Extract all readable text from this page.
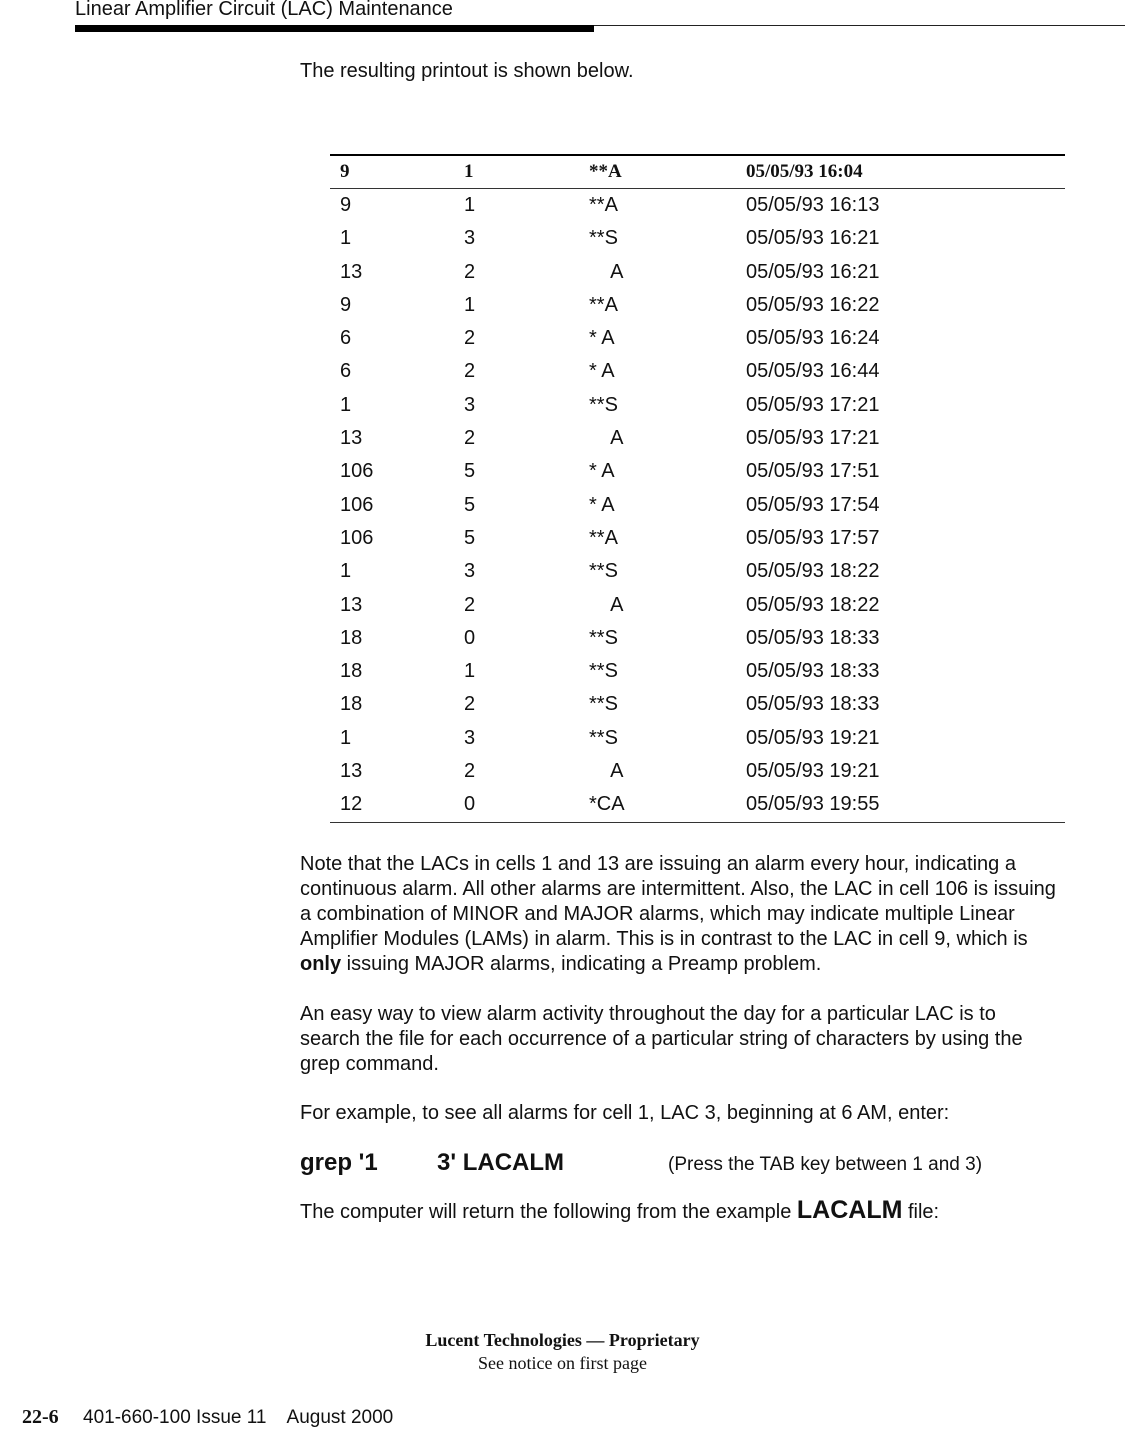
Linear Amplifier Circuit (LAC) Maintenance
The resulting printout is shown below.
9	1	**A	05/05/93 16:04
9	1	**A	05/05/93 16:13
1	3	**S	05/05/93 16:21
13	2	A	05/05/93 16:21
9	1	**A	05/05/93 16:22
6	2	* A	05/05/93 16:24
6	2	* A	05/05/93 16:44
1	3	**S	05/05/93 17:21
13	2	A	05/05/93 17:21
106	5	* A	05/05/93 17:51
106	5	* A	05/05/93 17:54
106	5	**A	05/05/93 17:57
1	3	**S	05/05/93 18:22
13	2	A	05/05/93 18:22
18	0	**S	05/05/93 18:33
18	1	**S	05/05/93 18:33
18	2	**S	05/05/93 18:33
1	3	**S	05/05/93 19:21
13	2	A	05/05/93 19:21
12	0	*CA	05/05/93 19:55
Note that the LACs in cells 1 and 13 are issuing an alarm every hour, indicating a continuous alarm. All other alarms are intermittent. Also, the LAC in cell 106 is issuing a combination of MINOR and MAJOR alarms, which may indicate multiple Linear Amplifier Modules (LAMs) in alarm. This is in contrast to the LAC in cell 9, which is only issuing MAJOR alarms, indicating a Preamp problem.
An easy way to view alarm activity throughout the day for a particular LAC is to search the file for each occurrence of a particular string of characters by using the grep command.
For example, to see all alarms for cell 1, LAC 3, beginning at 6 AM, enter:
grep '1 3' LACALM	(Press the TAB key between 1 and 3)
The computer will return the following from the example LACALM file:
Lucent Technologies — Proprietary
See notice on first page
22-6 401-660-100 Issue 11    August 2000
